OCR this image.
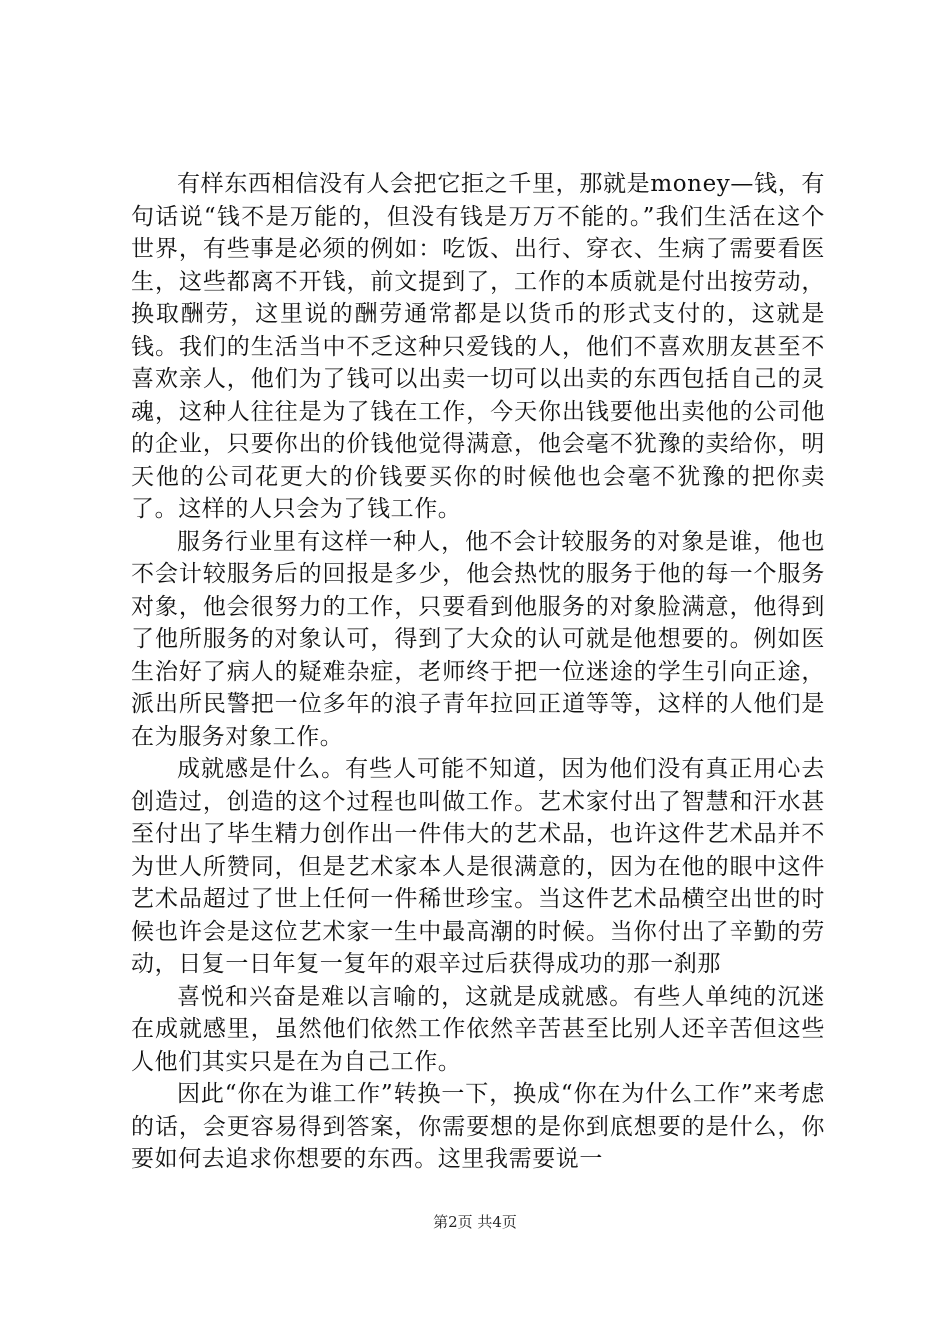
有样东西相信没有人会把它拒之千里，那就是money—钱，有句话说“钱不是万能的，但没有钱是万万不能的。”我们生活在这个世界，有些事是必须的例如：吃饭、出行、穿衣、生病了需要看医生，这些都离不开钱，前文提到了，工作的本质就是付出按劳动，换取酬劳，这里说的酬劳通常都是以货币的形式支付的，这就是钱。我们的生活当中不乏这种只爱钱的人，他们不喜欢朋友甚至不喜欢亲人，他们为了钱可以出卖一切可以出卖的东西包括自己的灵魂，这种人往往是为了钱在工作，今天你出钱要他出卖他的公司他的企业，只要你出的价钱他觉得满意，他会毫不犹豫的卖给你，明天他的公司花更大的价钱要买你的时候他也会毫不犹豫的把你卖了。这样的人只会为了钱工作。

服务行业里有这样一种人，他不会计较服务的对象是谁，他也不会计较服务后的回报是多少，他会热忱的服务于他的每一个服务对象，他会很努力的工作，只要看到他服务的对象脸满意，他得到了他所服务的对象认可，得到了大众的认可就是他想要的。例如医生治好了病人的疑难杂症，老师终于把一位迷途的学生引向正途，派出所民警把一位多年的浪子青年拉回正道等等，这样的人他们是在为服务对象工作。

成就感是什么。有些人可能不知道，因为他们没有真正用心去创造过，创造的这个过程也叫做工作。艺术家付出了智慧和汗水甚至付出了毕生精力创作出一件伟大的艺术品，也许这件艺术品并不为世人所赞同，但是艺术家本人是很满意的，因为在他的眼中这件艺术品超过了世上任何一件稀世珍宝。当这件艺术品横空出世的时候也许会是这位艺术家一生中最高潮的时候。当你付出了辛勤的劳动，日复一日年复一复年的艰辛过后获得成功的那一刹那

喜悦和兴奋是难以言喻的，这就是成就感。有些人单纯的沉迷在成就感里，虽然他们依然工作依然辛苦甚至比别人还辛苦但这些人他们其实只是在为自己工作。

因此“你在为谁工作”转换一下，换成“你在为什么工作”来考虑的话，会更容易得到答案，你需要想的是你到底想要的是什么，你要如何去追求你想要的东西。这里我需要说一

第2页 共4页
